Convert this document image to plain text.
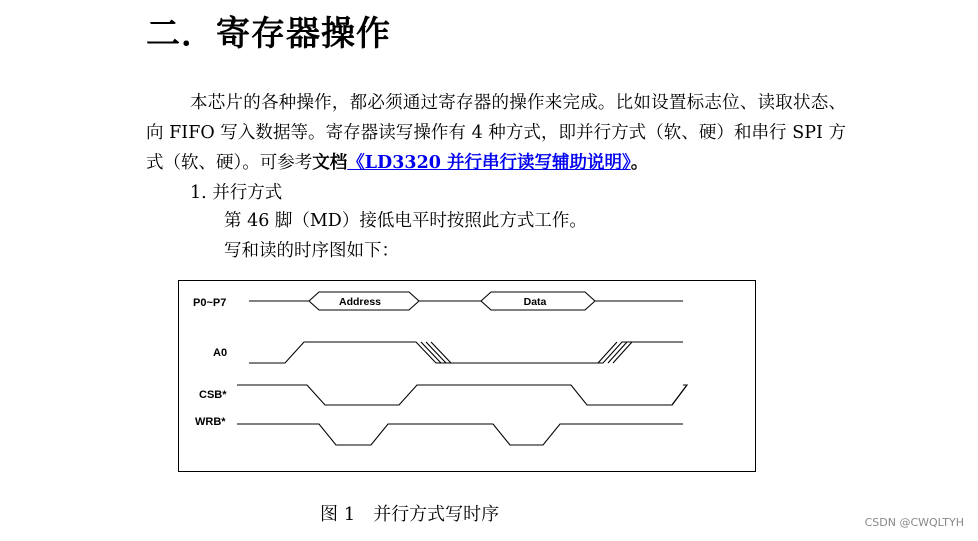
二．寄存器操作

本芯片的各种操作，都必须通过寄存器的操作来完成。比如设置标志位、读取状态、向 FIFO 写入数据等。寄存器读写操作有 4 种方式，即并行方式（软、硬）和串行 SPI 方式（软、硬）。可参考文档《LD3320 并行串行读写辅助说明》。

1. 并行方式

第 46 脚（MD）接低电平时按照此方式工作。

写和读的时序图如下：

P0~P7
A0
CSB*
WRB*
Address	Data

图 1 并行方式写时序	CSDN @CWQLTYH
